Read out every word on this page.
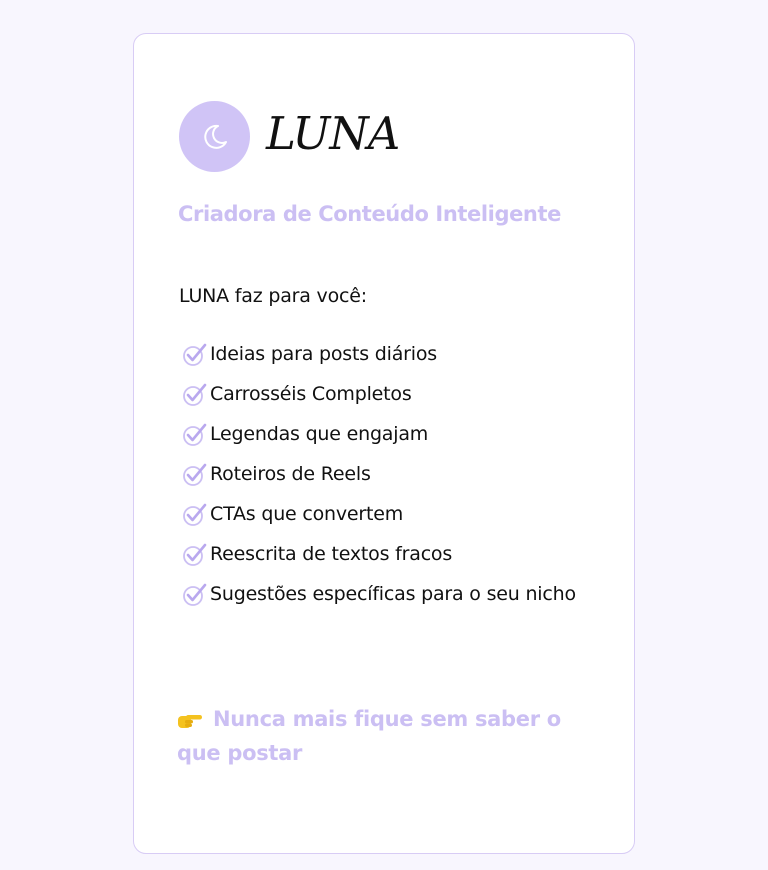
LUNA
Criadora de Conteúdo Inteligente
LUNA faz para você:
Ideias para posts diários
Carrosséis Completos
Legendas que engajam
Roteiros de Reels
CTAs que convertem
Reescrita de textos fracos
Sugestões específicas para o seu nicho
Nunca mais fique sem saber o que postar
